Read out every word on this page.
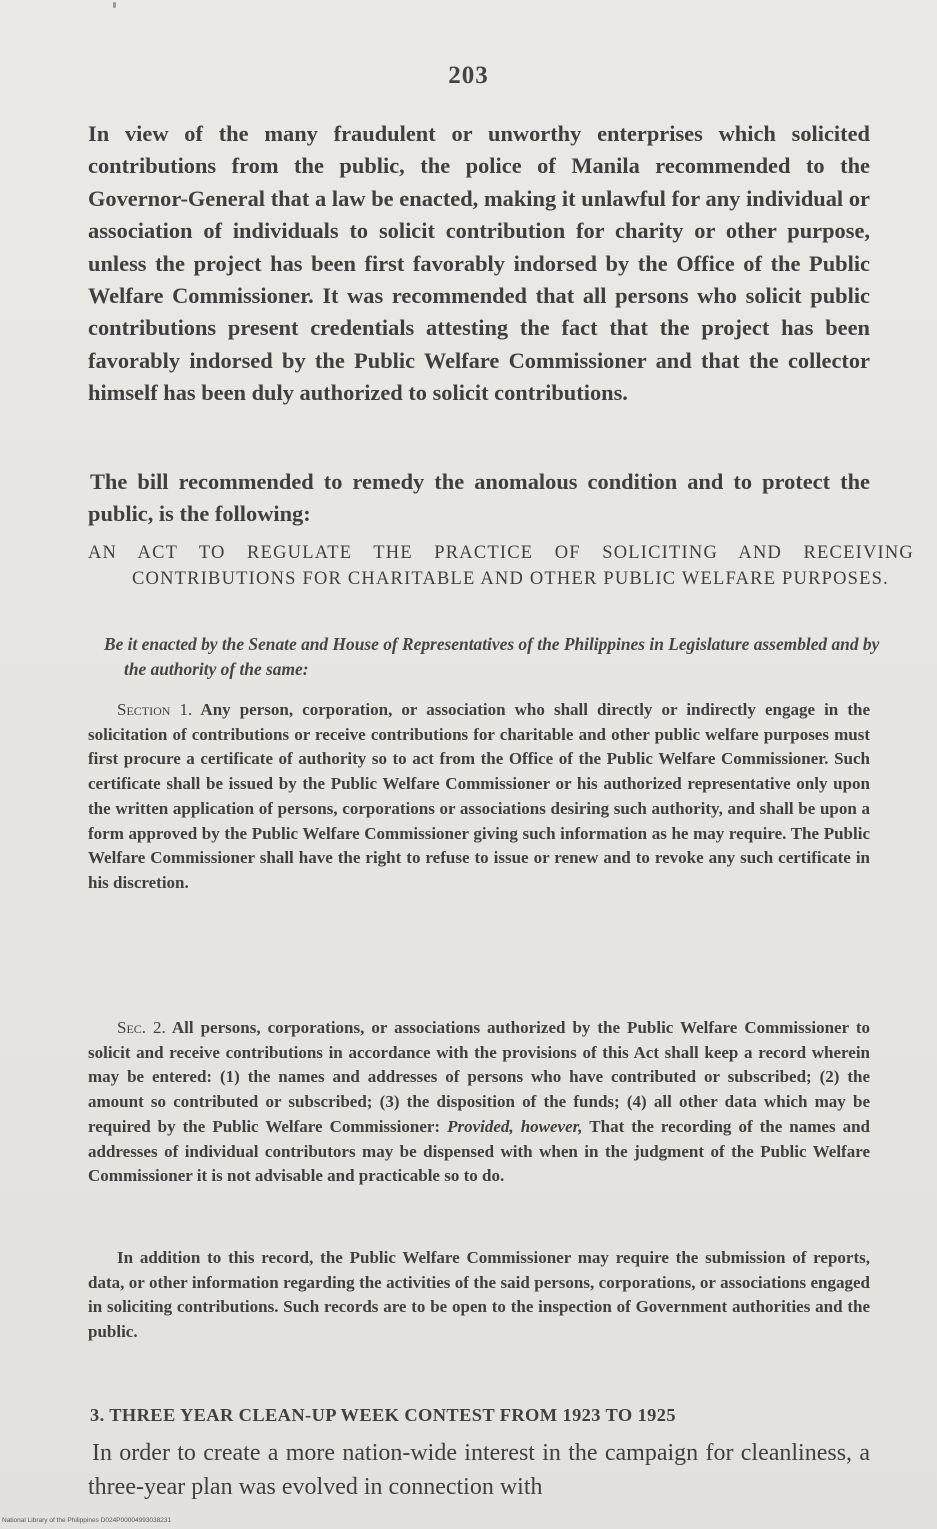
203

In view of the many fraudulent or unworthy enterprises which solicited contributions from the public, the police of Manila recommended to the Governor-General that a law be enacted, making it unlawful for any individual or association of individuals to solicit contribution for charity or other purpose, unless the project has been first favorably indorsed by the Office of the Public Welfare Commissioner. It was recommended that all persons who solicit public contributions present credentials attesting the fact that the project has been favorably indorsed by the Public Welfare Commissioner and that the collector himself has been duly authorized to solicit contributions.

The bill recommended to remedy the anomalous condition and to protect the public, is the following:

AN ACT TO REGULATE THE PRACTICE OF SOLICITING AND RECEIVING CONTRIBUTIONS FOR CHARITABLE AND OTHER PUBLIC WELFARE PURPOSES.

Be it enacted by the Senate and House of Representatives of the Philippines in Legislature assembled and by the authority of the same:

Section 1. Any person, corporation, or association who shall directly or indirectly engage in the solicitation of contributions or receive contributions for charitable and other public welfare purposes must first procure a certificate of authority so to act from the Office of the Public Welfare Commissioner. Such certificate shall be issued by the Public Welfare Commissioner or his authorized representative only upon the written application of persons, corporations or associations desiring such authority, and shall be upon a form approved by the Public Welfare Commissioner giving such information as he may require. The Public Welfare Commissioner shall have the right to refuse to issue or renew and to revoke any such certificate in his discretion.

Sec. 2. All persons, corporations, or associations authorized by the Public Welfare Commissioner to solicit and receive contributions in accordance with the provisions of this Act shall keep a record wherein may be entered: (1) the names and addresses of persons who have contributed or subscribed; (2) the amount so contributed or subscribed; (3) the disposition of the funds; (4) all other data which may be required by the Public Welfare Commissioner: Provided, however, That the recording of the names and addresses of individual contributors may be dispensed with when in the judgment of the Public Welfare Commissioner it is not advisable and practicable so to do.

In addition to this record, the Public Welfare Commissioner may require the submission of reports, data, or other information regarding the activities of the said persons, corporations, or associations engaged in soliciting contributions. Such records are to be open to the inspection of Government authorities and the public.

3. THREE YEAR CLEAN-UP WEEK CONTEST FROM 1923 TO 1925

In order to create a more nation-wide interest in the campaign for cleanliness, a three-year plan was evolved in connection with

National Library of the Philippines D024P00004993038231
